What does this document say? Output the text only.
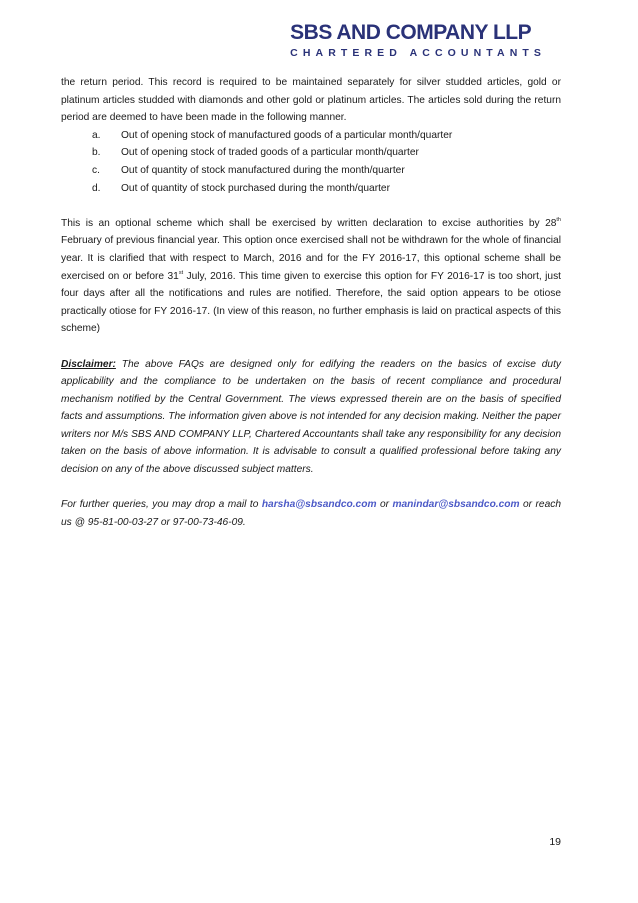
SBS AND COMPANY LLP
CHARTERED ACCOUNTANTS

the return period. This record is required to be maintained separately for silver studded articles, gold or platinum articles studded with diamonds and other gold or platinum articles. The articles sold during the return period are deemed to have been made in the following manner.

a.	Out of opening stock of manufactured goods of a particular month/quarter
b.	Out of opening stock of traded goods of a particular month/quarter
c.	Out of quantity of stock manufactured during the month/quarter
d.	Out of quantity of stock purchased during the month/quarter

This is an optional scheme which shall be exercised by written declaration to excise authorities by 28th February of previous financial year. This option once exercised shall not be withdrawn for the whole of financial year. It is clarified that with respect to March, 2016 and for the FY 2016-17, this optional scheme shall be exercised on or before 31st July, 2016. This time given to exercise this option for FY 2016-17 is too short, just four days after all the notifications and rules are notified. Therefore, the said option appears to be otiose practically otiose for FY 2016-17. (In view of this reason, no further emphasis is laid on practical aspects of this scheme)

Disclaimer: The above FAQs are designed only for edifying the readers on the basics of excise duty applicability and the compliance to be undertaken on the basis of recent compliance and procedural mechanism notified by the Central Government. The views expressed therein are on the basis of specified facts and assumptions. The information given above is not intended for any decision making. Neither the paper writers nor M/s SBS AND COMPANY LLP, Chartered Accountants shall take any responsibility for any decision taken on the basis of above information. It is advisable to consult a qualified professional before taking any decision on any of the above discussed subject matters.

For further queries, you may drop a mail to harsha@sbsandco.com or manindar@sbsandco.com or reach us @ 95-81-00-03-27 or 97-00-73-46-09.

19
